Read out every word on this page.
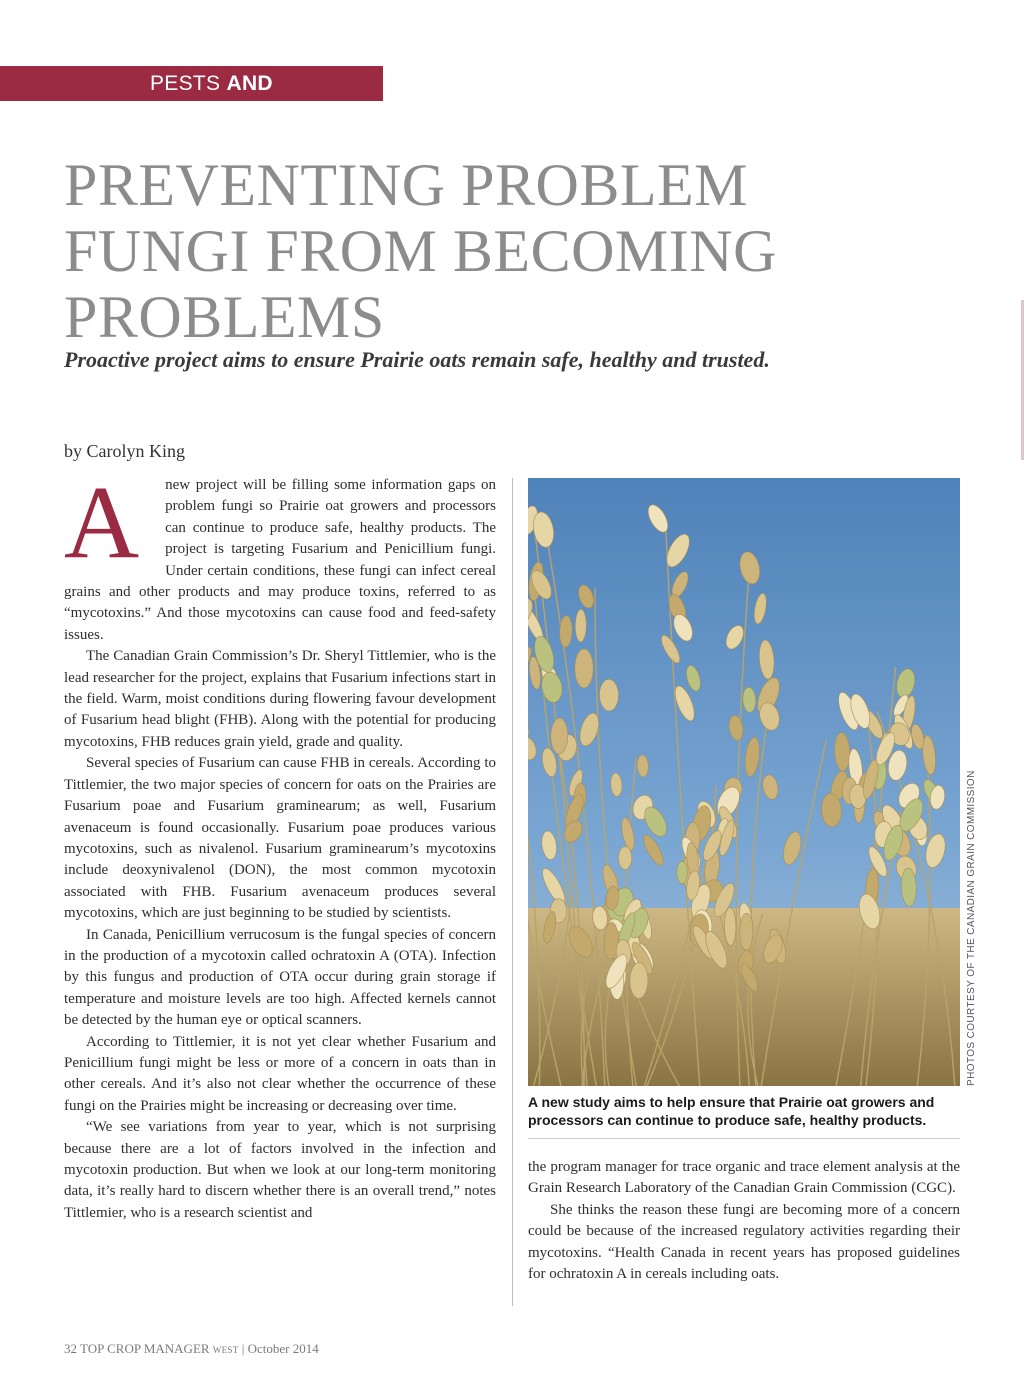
PESTS AND DISEASES
PREVENTING PROBLEM FUNGI FROM BECOMING PROBLEMS
Proactive project aims to ensure Prairie oats remain safe, healthy and trusted.
by Carolyn King

A new project will be filling some information gaps on problem fungi so Prairie oat growers and processors can continue to produce safe, healthy products. The project is targeting Fusarium and Penicillium fungi. Under certain conditions, these fungi can infect cereal grains and other products and may produce toxins, referred to as “mycotoxins.” And those mycotoxins can cause food and feed-safety issues.

The Canadian Grain Commission’s Dr. Sheryl Tittlemier, who is the lead researcher for the project, explains that Fusarium infections start in the field. Warm, moist conditions during flowering favour development of Fusarium head blight (FHB). Along with the potential for producing mycotoxins, FHB reduces grain yield, grade and quality.

Several species of Fusarium can cause FHB in cereals. According to Tittlemier, the two major species of concern for oats on the Prairies are Fusarium poae and Fusarium graminearum; as well, Fusarium avenaceum is found occasionally. Fusarium poae produces various mycotoxins, such as nivalenol. Fusarium graminearum’s mycotoxins include deoxynivalenol (DON), the most common mycotoxin associated with FHB. Fusarium avenaceum produces several mycotoxins, which are just beginning to be studied by scientists.

In Canada, Penicillium verrucosum is the fungal species of concern in the production of a mycotoxin called ochratoxin A (OTA). Infection by this fungus and production of OTA occur during grain storage if temperature and moisture levels are too high. Affected kernels cannot be detected by the human eye or optical scanners.

According to Tittlemier, it is not yet clear whether Fusarium and Penicillium fungi might be less or more of a concern in oats than in other cereals. And it’s also not clear whether the occurrence of these fungi on the Prairies might be increasing or decreasing over time.

“We see variations from year to year, which is not surprising because there are a lot of factors involved in the infection and mycotoxin production. But when we look at our long-term monitoring data, it’s really hard to discern whether there is an overall trend,” notes Tittlemier, who is a research scientist and

PHOTOS COURTESY OF THE CANADIAN GRAIN COMMISSION

A new study aims to help ensure that Prairie oat growers and processors can continue to produce safe, healthy products.

the program manager for trace organic and trace element analysis at the Grain Research Laboratory of the Canadian Grain Commission (CGC).

She thinks the reason these fungi are becoming more of a concern could be because of the increased regulatory activities regarding their mycotoxins. “Health Canada in recent years has proposed guidelines for ochratoxin A in cereals including oats.

32 TOP CROP MANAGER WEST | October 2014
